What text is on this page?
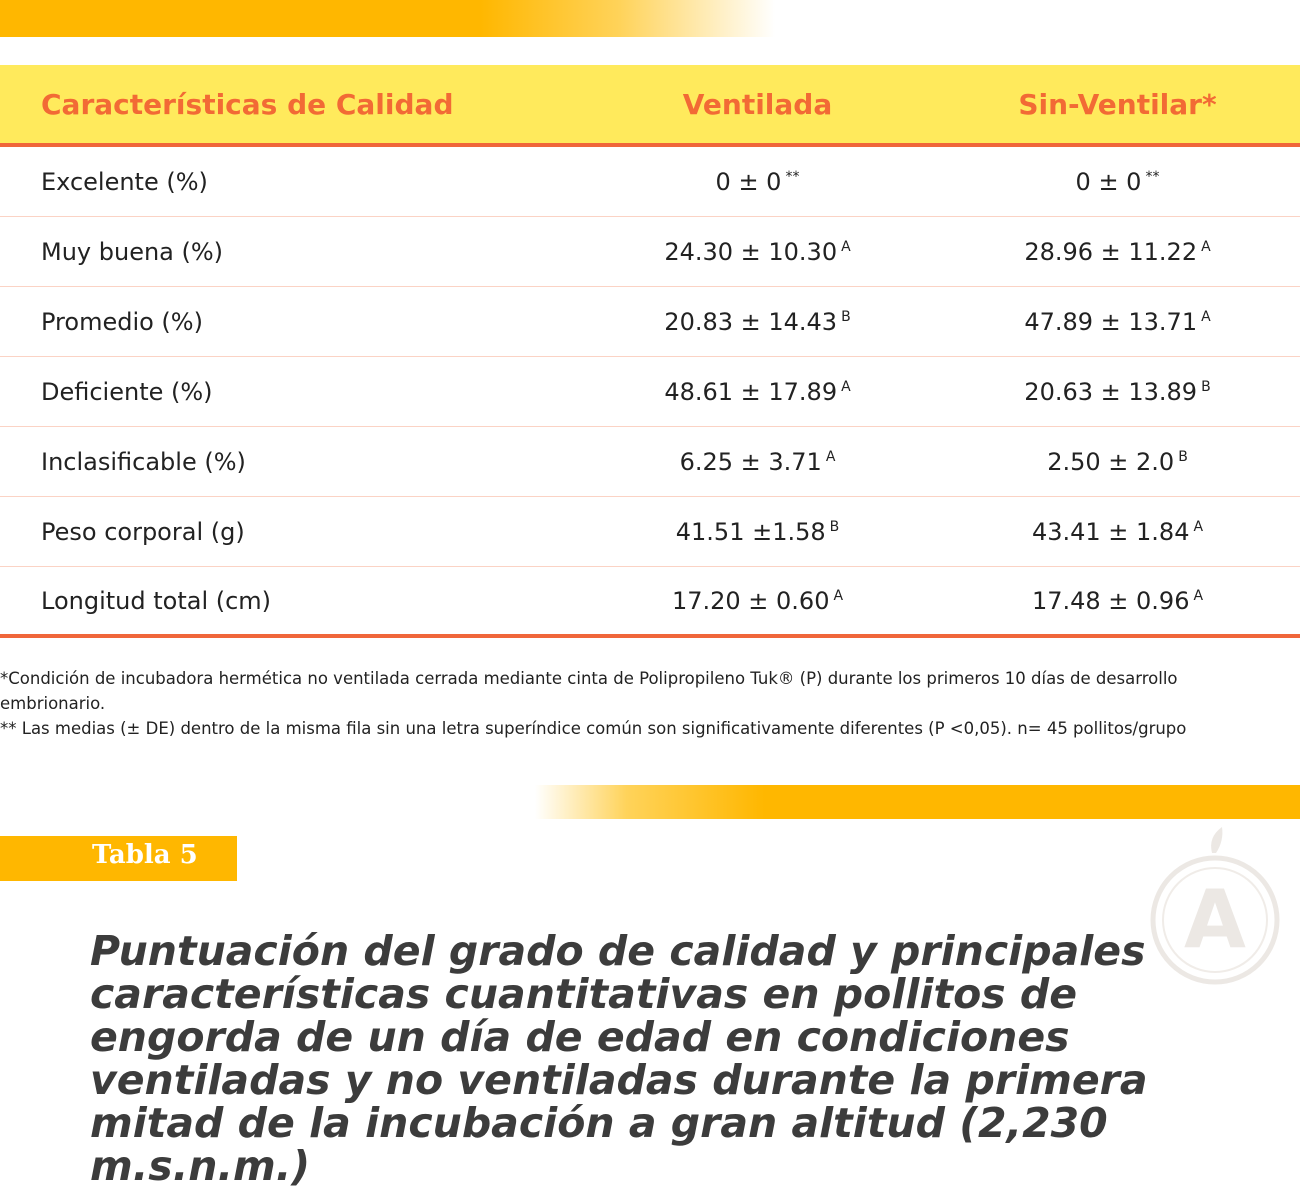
Características de Calidad	Ventilada	Sin-Ventilar*
Excelente (%)	0 ± 0 **	0 ± 0 **
Muy buena (%)	24.30 ± 10.30 $^A$	28.96 ± 11.22 $^A$
Promedio (%)	20.83 ± 14.43 $^B$	47.89 ± 13.71 $^A$
Deficiente (%)	48.61 ± 17.89 $^A$	20.63 ± 13.89 $^B$
Inclasificable (%)	6.25 ± 3.71 $^A$	2.50 ± 2.0 $^B$
Peso corporal (g)	41.51 ±1.58 $^B$	43.41 ± 1.84 $^A$
Longitud total (cm)	17.20 ± 0.60 $^A$	17.48 ± 0.96 $^A$

*Condición de incubadora hermética no ventilada cerrada mediante cinta de Polipropileno Tuk® (P) durante los primeros 10 días de desarrollo embrionario.

** Las medias (± DE) dentro de la misma fila sin una letra superíndice común son significativamente diferentes (P <0,05). n= 45 pollitos/grupo

Tabla 5
A

Puntuación del grado de calidad y principales características cuantitativas en pollitos de engorda de un día de edad en condiciones ventiladas y no ventiladas durante la primera mitad de la incubación a gran altitud (2,230 m.s.n.m.)
